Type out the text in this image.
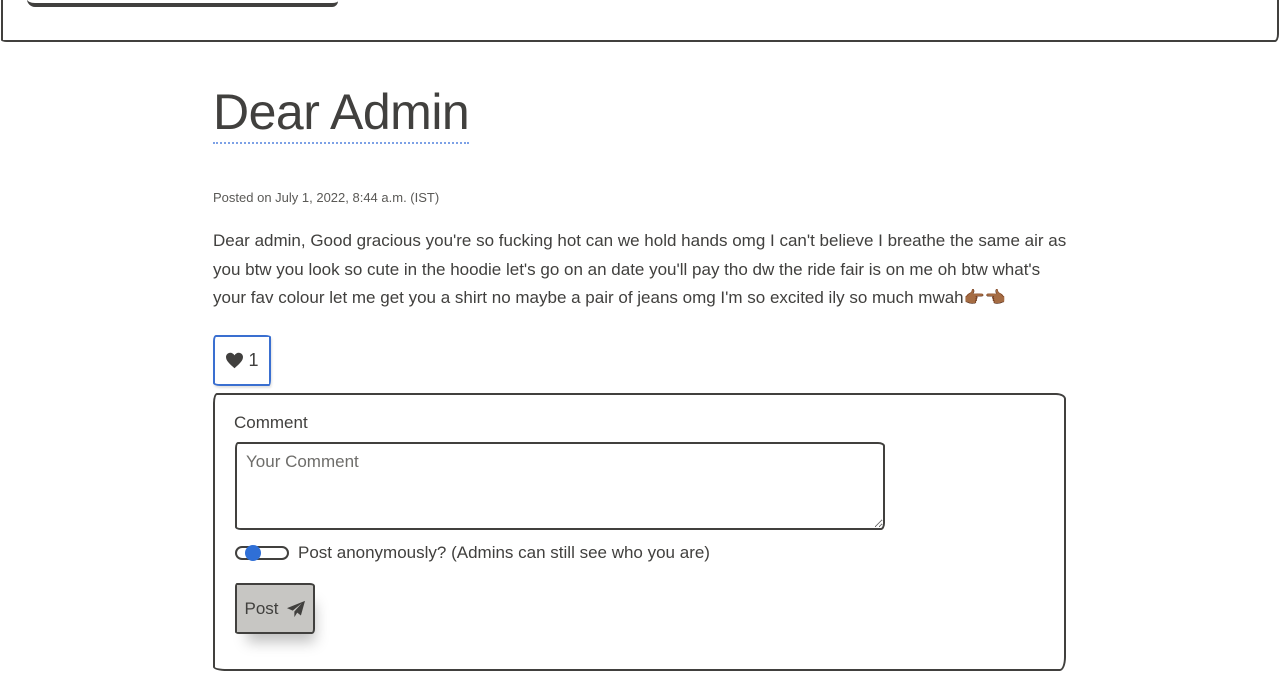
Dear Admin
Posted on July 1, 2022, 8:44 a.m. (IST)
Dear admin, Good gracious you're so fucking hot can we hold hands omg I can't believe I breathe the same air as you btw you look so cute in the hoodie let's go on an date you'll pay tho dw the ride fair is on me oh btw what's your fav colour let me get you a shirt no maybe a pair of jeans omg I'm so excited ily so much mwah👉🏾👈🏾
1
Comment
Your Comment
Post anonymously? (Admins can still see who you are)
Post
